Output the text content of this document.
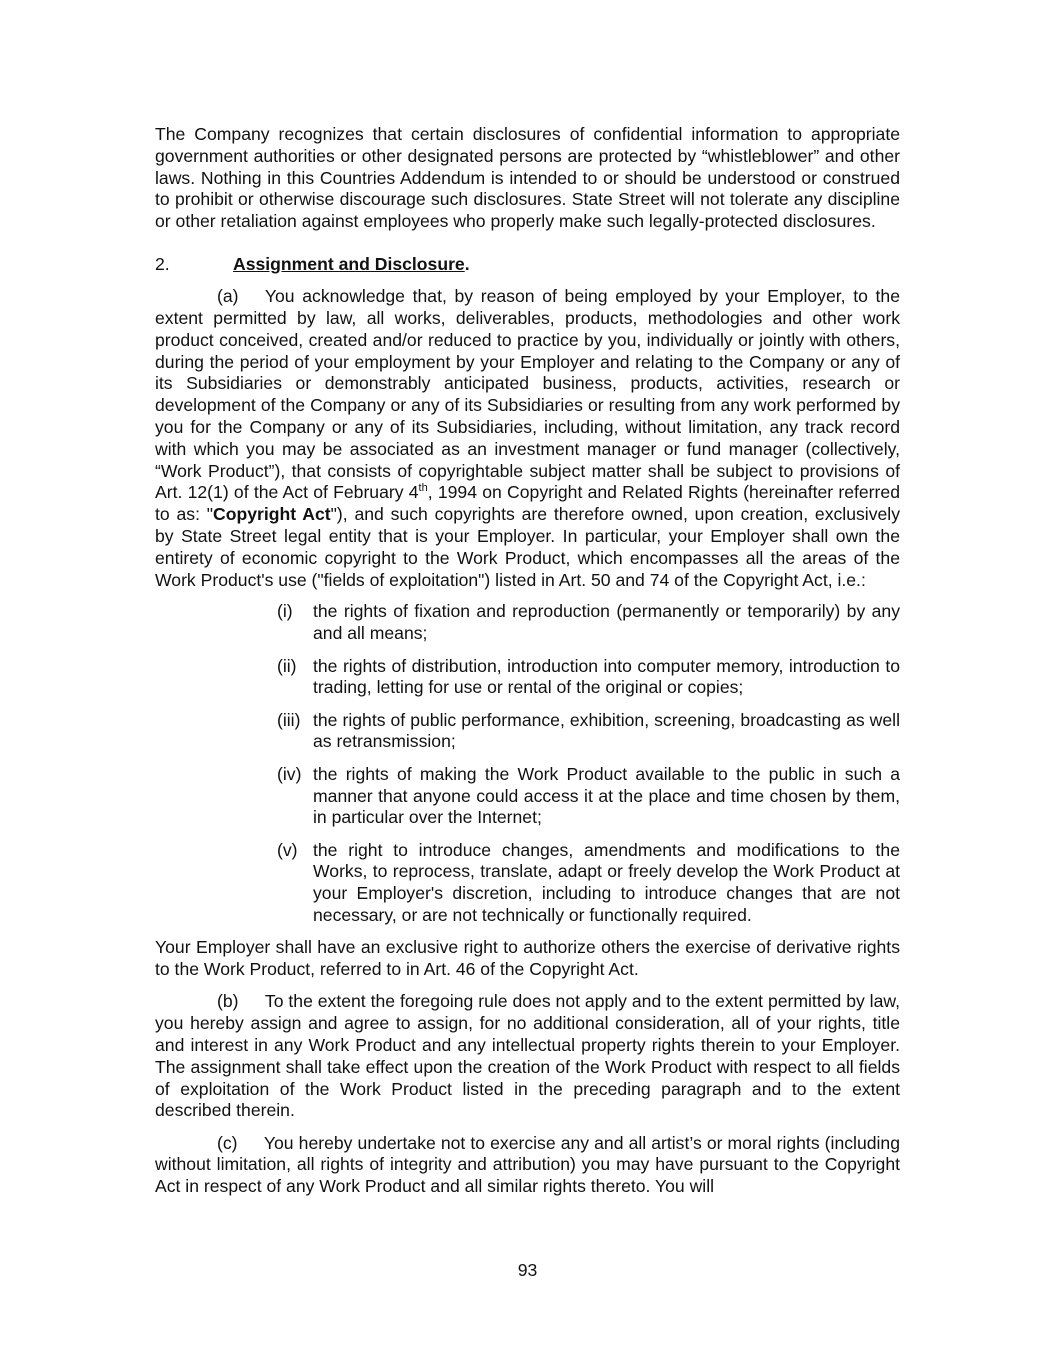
The Company recognizes that certain disclosures of confidential information to appropriate government authorities or other designated persons are protected by “whistleblower” and other laws. Nothing in this Countries Addendum is intended to or should be understood or construed to prohibit or otherwise discourage such disclosures. State Street will not tolerate any discipline or other retaliation against employees who properly make such legally-protected disclosures.

2.	Assignment and Disclosure.

(a)   You acknowledge that, by reason of being employed by your Employer, to the extent permitted by law, all works, deliverables, products, methodologies and other work product conceived, created and/or reduced to practice by you, individually or jointly with others, during the period of your employment by your Employer and relating to the Company or any of its Subsidiaries or demonstrably anticipated business, products, activities, research or development of the Company or any of its Subsidiaries or resulting from any work performed by you for the Company or any of its Subsidiaries, including, without limitation, any track record with which you may be associated as an investment manager or fund manager (collectively, “Work Product”), that consists of copyrightable subject matter shall be subject to provisions of Art. 12(1) of the Act of February 4th, 1994 on Copyright and Related Rights (hereinafter referred to as: "Copyright Act"), and such copyrights are therefore owned, upon creation, exclusively by State Street legal entity that is your Employer. In particular, your Employer shall own the entirety of economic copyright to the Work Product, which encompasses all the areas of the Work Product's use ("fields of exploitation") listed in Art. 50 and 74 of the Copyright Act, i.e.:

(i)	the rights of fixation and reproduction (permanently or temporarily) by any and all means;
(ii) the rights of distribution, introduction into computer memory, introduction to trading, letting for use or rental of the original or copies;
(iii) the rights of public performance, exhibition, screening, broadcasting as well as retransmission;
(iv) the rights of making the Work Product available to the public in such a manner that anyone could access it at the place and time chosen by them, in particular over the Internet;
(v) the right to introduce changes, amendments and modifications to the Works, to reprocess, translate, adapt or freely develop the Work Product at your Employer's discretion, including to introduce changes that are not necessary, or are not technically or functionally required.

Your Employer shall have an exclusive right to authorize others the exercise of derivative rights to the Work Product, referred to in Art. 46 of the Copyright Act.

(b)   To the extent the foregoing rule does not apply and to the extent permitted by law, you hereby assign and agree to assign, for no additional consideration, all of your rights, title and interest in any Work Product and any intellectual property rights therein to your Employer. The assignment shall take effect upon the creation of the Work Product with respect to all fields of exploitation of the Work Product listed in the preceding paragraph and to the extent described therein.

(c)   You hereby undertake not to exercise any and all artist’s or moral rights (including without limitation, all rights of integrity and attribution) you may have pursuant to the Copyright Act in respect of any Work Product and all similar rights thereto. You will

93
